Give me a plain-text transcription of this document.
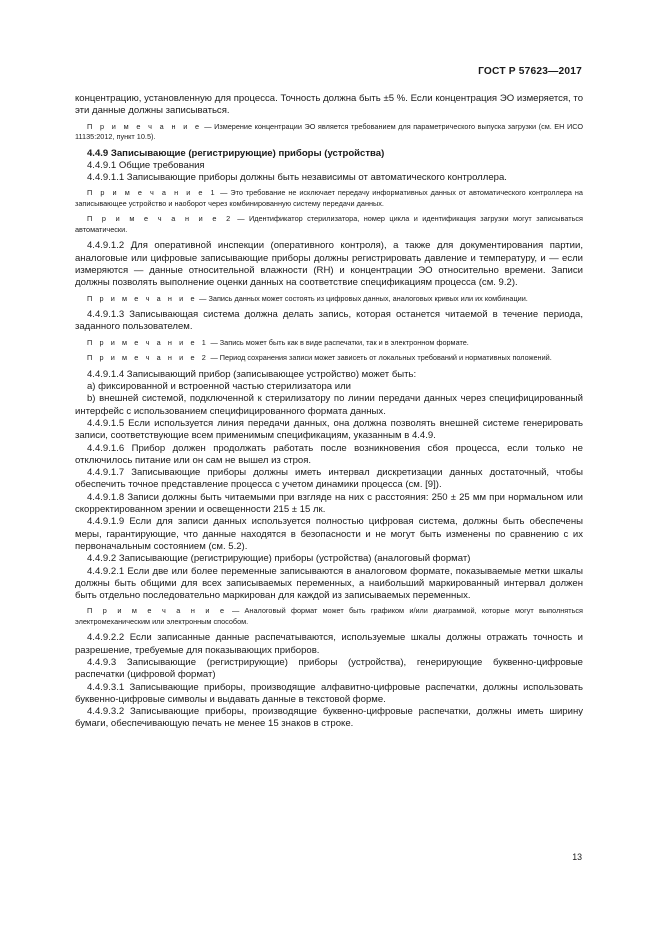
ГОСТ Р 57623—2017

концентрацию, установленную для процесса. Точность должна быть ±5 %. Если концентрация ЭО измеряется, то эти данные должны записываться.

П р и м е ч а н и е — Измерение концентрации ЭО является требованием для параметрического выпуска загрузки (см. ЕН ИСО 11135:2012, пункт 10.5).

4.4.9 Записывающие (регистрирующие) приборы (устройства)

4.4.9.1 Общие требования

4.4.9.1.1 Записывающие приборы должны быть независимы от автоматического контроллера.

П р и м е ч а н и е 1 — Это требование не исключает передачу информативных данных от автоматического контроллера на записывающее устройство и наоборот через комбинированную систему передачи данных.

П р и м е ч а н и е 2 — Идентификатор стерилизатора, номер цикла и идентификация загрузки могут записываться автоматически.

4.4.9.1.2 Для оперативной инспекции (оперативного контроля), а также для документирования партии, аналоговые или цифровые записывающие приборы должны регистрировать давление и температуру, и — если измеряются — данные относительной влажности (RH) и концентрации ЭО относительно времени. Записи должны позволять выполнение оценки данных на соответствие спецификациям процесса (см. 9.2).

П р и м е ч а н и е — Запись данных может состоять из цифровых данных, аналоговых кривых или их комбинации.

4.4.9.1.3 Записывающая система должна делать запись, которая останется читаемой в течение периода, заданного пользователем.

П р и м е ч а н и е 1 — Запись может быть как в виде распечатки, так и в электронном формате.

П р и м е ч а н и е 2 — Период сохранения записи может зависеть от локальных требований и нормативных положений.

4.4.9.1.4 Записывающий прибор (записывающее устройство) может быть:

а) фиксированной и встроенной частью стерилизатора или

b) внешней системой, подключенной к стерилизатору по линии передачи данных через специфицированный интерфейс с использованием специфицированного формата данных.

4.4.9.1.5 Если используется линия передачи данных, она должна позволять внешней системе генерировать записи, соответствующие всем применимым спецификациям, указанным в 4.4.9.

4.4.9.1.6 Прибор должен продолжать работать после возникновения сбоя процесса, если только не отключилось питание или он сам не вышел из строя.

4.4.9.1.7 Записывающие приборы должны иметь интервал дискретизации данных достаточный, чтобы обеспечить точное представление процесса с учетом динамики процесса (см. [9]).

4.4.9.1.8 Записи должны быть читаемыми при взгляде на них с расстояния: 250 ± 25 мм при нормальном или скорректированном зрении и освещенности 215 ± 15 лк.

4.4.9.1.9 Если для записи данных используется полностью цифровая система, должны быть обеспечены меры, гарантирующие, что данные находятся в безопасности и не могут быть изменены по сравнению с их первоначальным состоянием (см. 5.2).

4.4.9.2 Записывающие (регистрирующие) приборы (устройства) (аналоговый формат)

4.4.9.2.1 Если две или более переменные записываются в аналоговом формате, показываемые метки шкалы должны быть общими для всех записываемых переменных, а наибольший маркированный интервал должен быть отдельно последовательно маркирован для каждой из записываемых переменных.

П р и м е ч а н и е — Аналоговый формат может быть графиком и/или диаграммой, которые могут выполняться электромеханическим или электронным способом.

4.4.9.2.2 Если записанные данные распечатываются, используемые шкалы должны отражать точность и разрешение, требуемые для показывающих приборов.

4.4.9.3 Записывающие (регистрирующие) приборы (устройства), генерирующие буквенно-цифровые распечатки (цифровой формат)

4.4.9.3.1 Записывающие приборы, производящие алфавитно-цифровые распечатки, должны использовать буквенно-цифровые символы и выдавать данные в текстовой форме.

4.4.9.3.2 Записывающие приборы, производящие буквенно-цифровые распечатки, должны иметь ширину бумаги, обеспечивающую печать не менее 15 знаков в строке.

13
